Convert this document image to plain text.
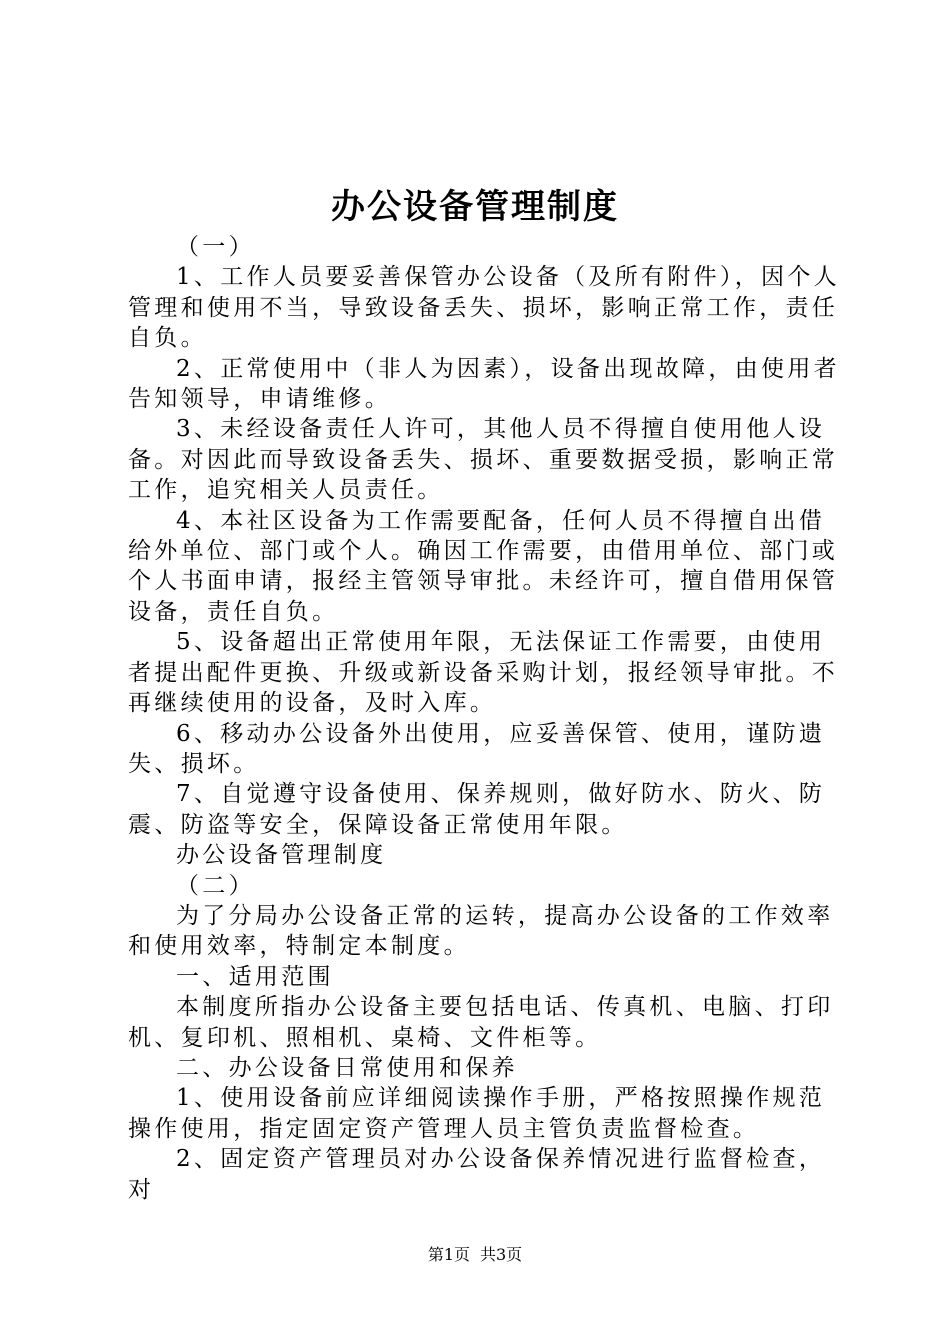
办公设备管理制度

（一）

1、工作人员要妥善保管办公设备（及所有附件），因个人管理和使用不当，导致设备丢失、损坏，影响正常工作，责任自负。

2、正常使用中（非人为因素），设备出现故障，由使用者告知领导，申请维修。

3、未经设备责任人许可，其他人员不得擅自使用他人设备。对因此而导致设备丢失、损坏、重要数据受损，影响正常工作，追究相关人员责任。

4、本社区设备为工作需要配备，任何人员不得擅自出借给外单位、部门或个人。确因工作需要，由借用单位、部门或个人书面申请，报经主管领导审批。未经许可，擅自借用保管设备，责任自负。

5、设备超出正常使用年限，无法保证工作需要，由使用者提出配件更换、升级或新设备采购计划，报经领导审批。不再继续使用的设备，及时入库。

6、移动办公设备外出使用，应妥善保管、使用，谨防遗失、损坏。

7、自觉遵守设备使用、保养规则，做好防水、防火、防震、防盗等安全，保障设备正常使用年限。

办公设备管理制度

（二）

为了分局办公设备正常的运转，提高办公设备的工作效率和使用效率，特制定本制度。

一、适用范围

本制度所指办公设备主要包括电话、传真机、电脑、打印机、复印机、照相机、桌椅、文件柜等。

二、办公设备日常使用和保养

1、使用设备前应详细阅读操作手册，严格按照操作规范操作使用，指定固定资产管理人员主管负责监督检查。

2、固定资产管理员对办公设备保养情况进行监督检查，对

第1页 共3页
